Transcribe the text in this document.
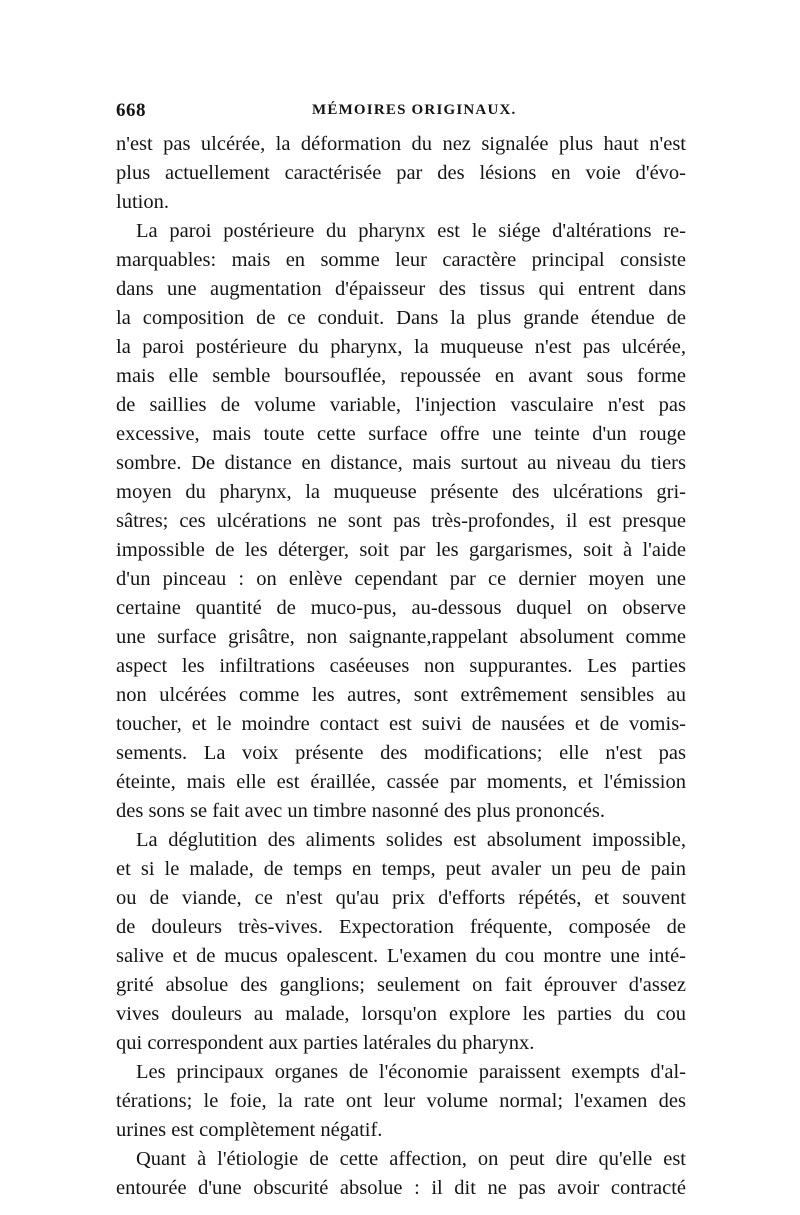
668	MÉMOIRES ORIGINAUX.
n'est pas ulcérée, la déformation du nez signalée plus haut n'est
plus actuellement caractérisée par des lésions en voie d'évo-
lution.
La paroi postérieure du pharynx est le siége d'altérations re-
marquables: mais en somme leur caractère principal consiste
dans une augmentation d'épaisseur des tissus qui entrent dans
la composition de ce conduit. Dans la plus grande étendue de
la paroi postérieure du pharynx, la muqueuse n'est pas ulcérée,
mais elle semble boursouflée, repoussée en avant sous forme
de saillies de volume variable, l'injection vasculaire n'est pas
excessive, mais toute cette surface offre une teinte d'un rouge
sombre. De distance en distance, mais surtout au niveau du tiers
moyen du pharynx, la muqueuse présente des ulcérations gri-
sâtres; ces ulcérations ne sont pas très-profondes, il est presque
impossible de les déterger, soit par les gargarismes, soit à l'aide
d'un pinceau : on enlève cependant par ce dernier moyen une
certaine quantité de muco-pus, au-dessous duquel on observe
une surface grisâtre, non saignante,rappelant absolument comme
aspect les infiltrations caséeuses non suppurantes. Les parties
non ulcérées comme les autres, sont extrêmement sensibles au
toucher, et le moindre contact est suivi de nausées et de vomis-
sements. La voix présente des modifications; elle n'est pas
éteinte, mais elle est éraillée, cassée par moments, et l'émission
des sons se fait avec un timbre nasonné des plus prononcés.
La déglutition des aliments solides est absolument impossible,
et si le malade, de temps en temps, peut avaler un peu de pain
ou de viande, ce n'est qu'au prix d'efforts répétés, et souvent
de douleurs très-vives. Expectoration fréquente, composée de
salive et de mucus opalescent. L'examen du cou montre une inté-
grité absolue des ganglions; seulement on fait éprouver d'assez
vives douleurs au malade, lorsqu'on explore les parties du cou
qui correspondent aux parties latérales du pharynx.
Les principaux organes de l'économie paraissent exempts d'al-
térations; le foie, la rate ont leur volume normal; l'examen des
urines est complètement négatif.
Quant à l'étiologie de cette affection, on peut dire qu'elle est
entourée d'une obscurité absolue : il dit ne pas avoir contracté
